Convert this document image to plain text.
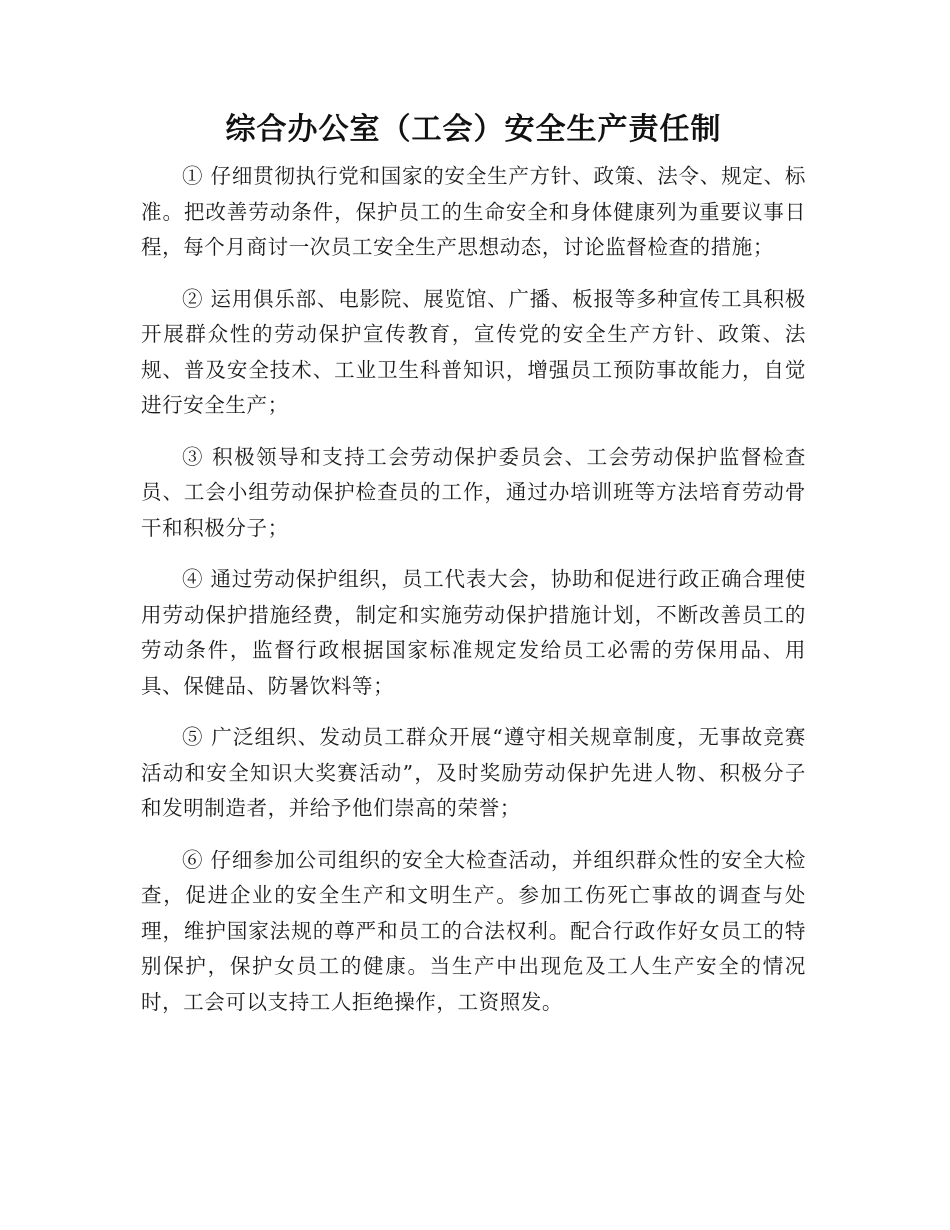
综合办公室（工会）安全生产责任制

① 仔细贯彻执行党和国家的安全生产方针、政策、法令、规定、标准。把改善劳动条件，保护员工的生命安全和身体健康列为重要议事日程，每个月商讨一次员工安全生产思想动态，讨论监督检查的措施；

② 运用俱乐部、电影院、展览馆、广播、板报等多种宣传工具积极开展群众性的劳动保护宣传教育，宣传党的安全生产方针、政策、法规、普及安全技术、工业卫生科普知识，增强员工预防事故能力，自觉进行安全生产；

③ 积极领导和支持工会劳动保护委员会、工会劳动保护监督检查员、工会小组劳动保护检查员的工作，通过办培训班等方法培育劳动骨干和积极分子；

④ 通过劳动保护组织，员工代表大会，协助和促进行政正确合理使用劳动保护措施经费，制定和实施劳动保护措施计划，不断改善员工的劳动条件，监督行政根据国家标准规定发给员工必需的劳保用品、用具、保健品、防暑饮料等；

⑤ 广泛组织、发动员工群众开展“遵守相关规章制度，无事故竞赛活动和安全知识大奖赛活动”，及时奖励劳动保护先进人物、积极分子和发明制造者，并给予他们崇高的荣誉；

⑥ 仔细参加公司组织的安全大检查活动，并组织群众性的安全大检查，促进企业的安全生产和文明生产。参加工伤死亡事故的调查与处理，维护国家法规的尊严和员工的合法权利。配合行政作好女员工的特别保护，保护女员工的健康。当生产中出现危及工人生产安全的情况时，工会可以支持工人拒绝操作，工资照发。
